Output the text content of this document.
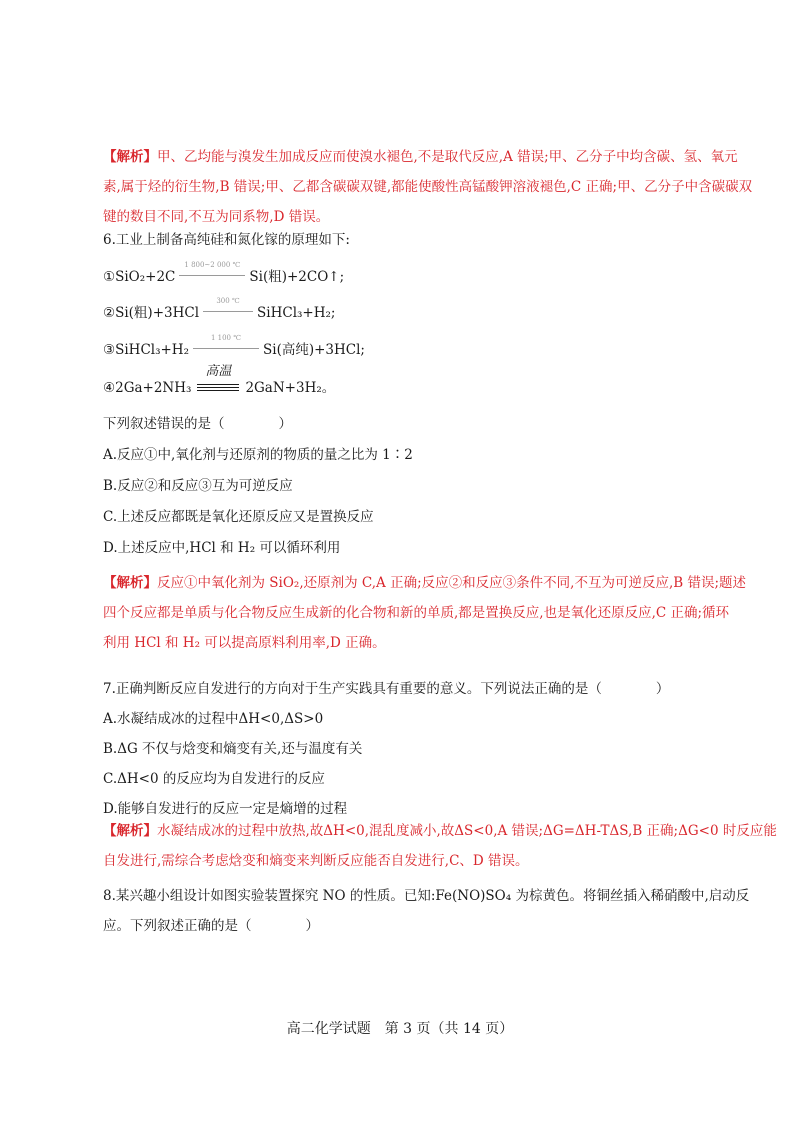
【解析】甲、乙均能与溴发生加成反应而使溴水褪色,不是取代反应,A 错误;甲、乙分子中均含碳、氢、氧元
素,属于烃的衍生物,B 错误;甲、乙都含碳碳双键,都能使酸性高锰酸钾溶液褪色,C 正确;甲、乙分子中含碳碳双
键的数目不同,不互为同系物,D 错误。
6.工业上制备高纯硅和氮化镓的原理如下:
①SiO₂+2C
1 800~2 000 ℃
Si(粗)+2CO↑;
②Si(粗)+3HCl
300 ℃
SiHCl₃+H₂;
③SiHCl₃+H₂
1 100 ℃
Si(高纯)+3HCl;
④2Ga+2NH₃
高温
2GaN+3H₂。
下列叙述错误的是（　　　　）
A.反应①中,氧化剂与还原剂的物质的量之比为 1∶2
B.反应②和反应③互为可逆反应
C.上述反应都既是氧化还原反应又是置换反应
D.上述反应中,HCl 和 H₂ 可以循环利用
【解析】反应①中氧化剂为 SiO₂,还原剂为 C,A 正确;反应②和反应③条件不同,不互为可逆反应,B 错误;题述
四个反应都是单质与化合物反应生成新的化合物和新的单质,都是置换反应,也是氧化还原反应,C 正确;循环
利用 HCl 和 H₂ 可以提高原料利用率,D 正确。
7.正确判断反应自发进行的方向对于生产实践具有重要的意义。下列说法正确的是（　　　　）
A.水凝结成冰的过程中ΔH<0,ΔS>0
B.ΔG 不仅与焓变和熵变有关,还与温度有关
C.ΔH<0 的反应均为自发进行的反应
D.能够自发进行的反应一定是熵增的过程
【解析】水凝结成冰的过程中放热,故ΔH<0,混乱度减小,故ΔS<0,A 错误;ΔG=ΔH-TΔS,B 正确;ΔG<0 时反应能
自发进行,需综合考虑焓变和熵变来判断反应能否自发进行,C、D 错误。
8.某兴趣小组设计如图实验装置探究 NO 的性质。已知:Fe(NO)SO₄ 为棕黄色。将铜丝插入稀硝酸中,启动反
应。下列叙述正确的是（　　　　）
高二化学试题　第 3 页（共 14 页）
